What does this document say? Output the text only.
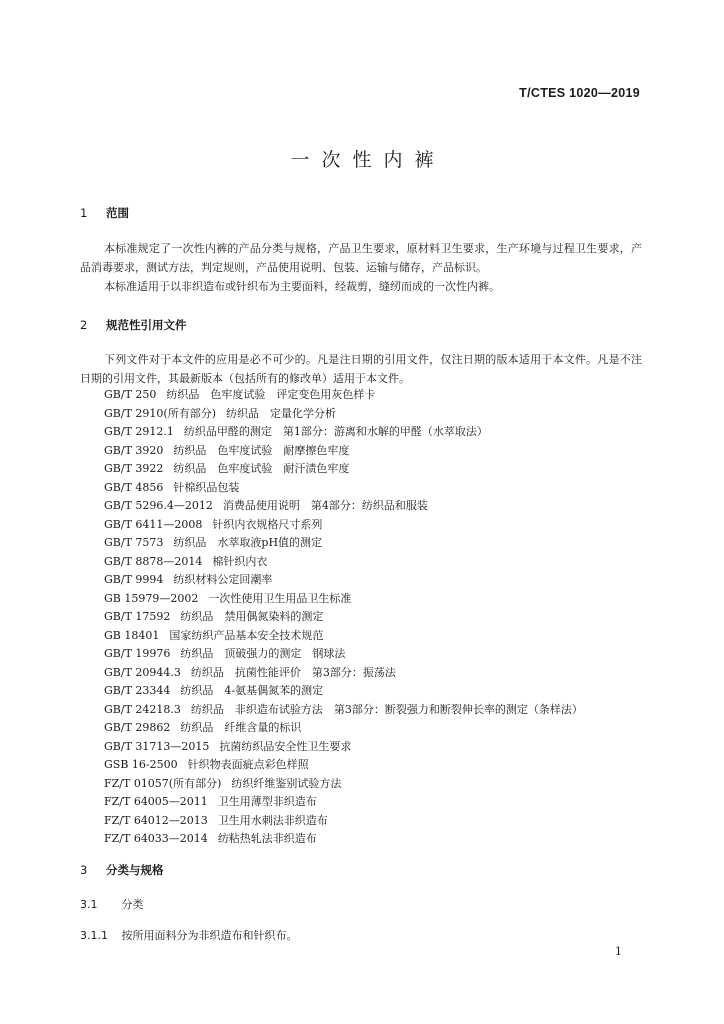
T/CTES 1020—2019
一次性内裤
1 范围
本标准规定了一次性内裤的产品分类与规格，产品卫生要求，原材料卫生要求，生产环境与过程卫生要求，产品消毒要求，测试方法，判定规则，产品使用说明、包装、运输与储存，产品标识。
本标准适用于以非织造布或针织布为主要面料，经裁剪，缝纫而成的一次性内裤。
2 规范性引用文件
下列文件对于本文件的应用是必不可少的。凡是注日期的引用文件，仅注日期的版本适用于本文件。凡是不注日期的引用文件，其最新版本（包括所有的修改单）适用于本文件。
GB/T 250 纺织品　色牢度试验　评定变色用灰色样卡
GB/T 2910(所有部分) 纺织品　定量化学分析
GB/T 2912.1 纺织品甲醛的测定　第1部分：游离和水解的甲醛（水萃取法）
GB/T 3920 纺织品　色牢度试验　耐摩擦色牢度
GB/T 3922 纺织品　色牢度试验　耐汗渍色牢度
GB/T 4856 针棉织品包装
GB/T 5296.4—2012 消费品使用说明　第4部分：纺织品和服装
GB/T 6411—2008 针织内衣规格尺寸系列
GB/T 7573 纺织品　水萃取液pH值的测定
GB/T 8878—2014 棉针织内衣
GB/T 9994 纺织材料公定回潮率
GB 15979—2002 一次性使用卫生用品卫生标准
GB/T 17592 纺织品　禁用偶氮染料的测定
GB 18401 国家纺织产品基本安全技术规范
GB/T 19976 纺织品　顶破强力的测定　钢球法
GB/T 20944.3 纺织品　抗菌性能评价　第3部分：振荡法
GB/T 23344 纺织品　4-氨基偶氮苯的测定
GB/T 24218.3 纺织品　非织造布试验方法　第3部分：断裂强力和断裂伸长率的测定（条样法）
GB/T 29862 纺织品　纤维含量的标识
GB/T 31713—2015 抗菌纺织品安全性卫生要求
GSB 16-2500 针织物表面疵点彩色样照
FZ/T 01057(所有部分) 纺织纤维鉴别试验方法
FZ/T 64005—2011 卫生用薄型非织造布
FZ/T 64012—2013 卫生用水刺法非织造布
FZ/T 64033—2014 纺粘热轧法非织造布
3 分类与规格
3.1 分类
3.1.1 按所用面料分为非织造布和针织布。
1
